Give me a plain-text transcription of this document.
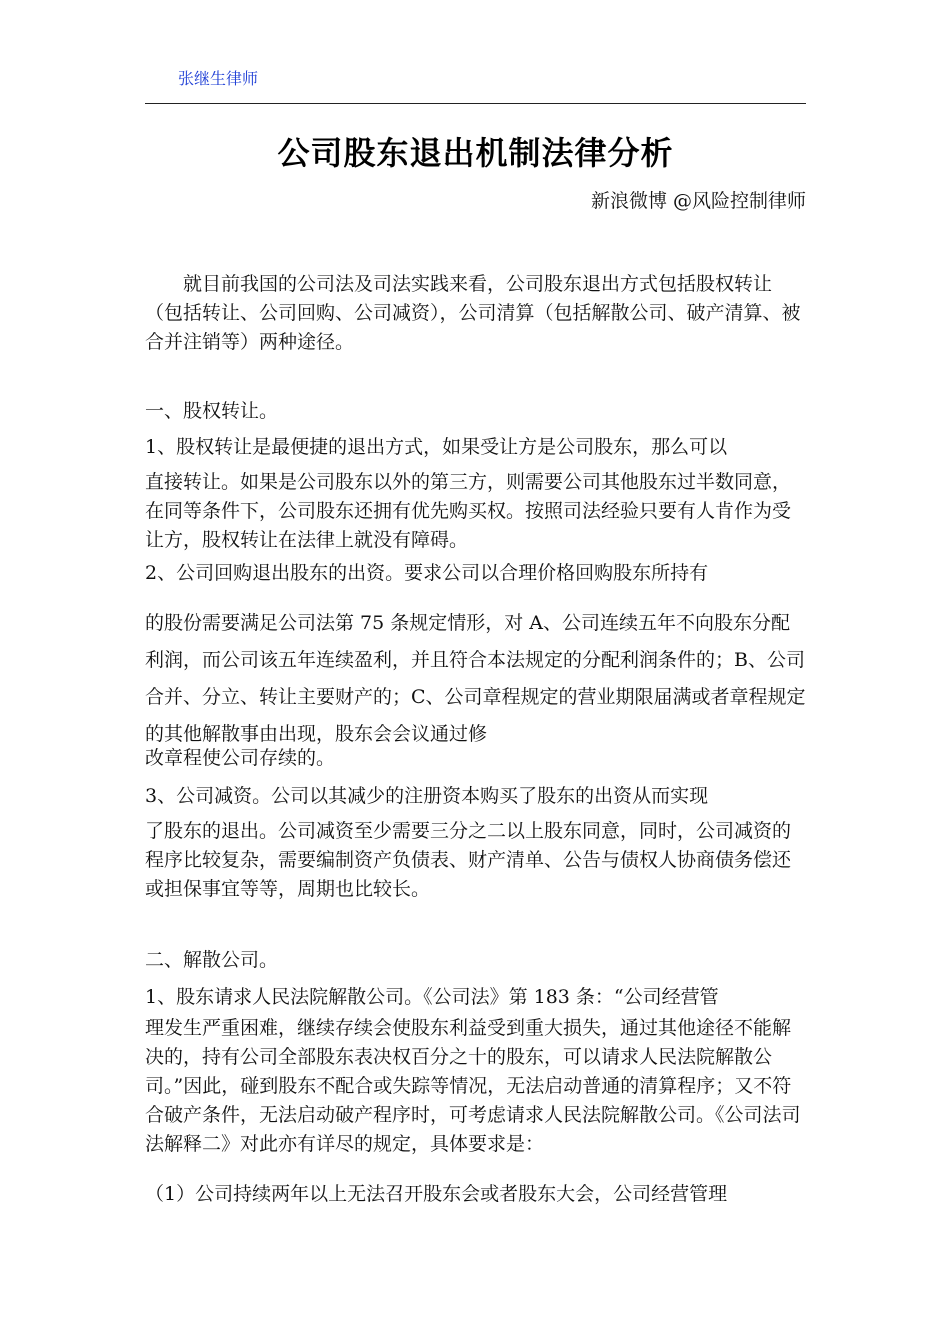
张继生律师
公司股东退出机制法律分析
新浪微博 @风险控制律师
就目前我国的公司法及司法实践来看，公司股东退出方式包括股权转让（包括转让、公司回购、公司减资），公司清算（包括解散公司、破产清算、被合并注销等）两种途径。
一、股权转让。
1、股权转让是最便捷的退出方式，如果受让方是公司股东，那么可以
直接转让。如果是公司股东以外的第三方，则需要公司其他股东过半数同意，在同等条件下，公司股东还拥有优先购买权。按照司法经验只要有人肯作为受让方，股权转让在法律上就没有障碍。
2、公司回购退出股东的出资。要求公司以合理价格回购股东所持有
的股份需要满足公司法第 75 条规定情形，对 A、公司连续五年不向股东分配利润，而公司该五年连续盈利，并且符合本法规定的分配利润条件的；B、公司合并、分立、转让主要财产的；C、公司章程规定的营业期限届满或者章程规定的其他解散事由出现，股东会会议通过修
改章程使公司存续的。
3、公司减资。公司以其减少的注册资本购买了股东的出资从而实现
了股东的退出。公司减资至少需要三分之二以上股东同意，同时，公司减资的程序比较复杂，需要编制资产负债表、财产清单、公告与债权人协商债务偿还或担保事宜等等，周期也比较长。
二、解散公司。
1、股东请求人民法院解散公司。《公司法》第 183 条：“公司经营管
理发生严重困难，继续存续会使股东利益受到重大损失，通过其他途径不能解决的，持有公司全部股东表决权百分之十的股东，可以请求人民法院解散公司。”因此，碰到股东不配合或失踪等情况，无法启动普通的清算程序；又不符合破产条件，无法启动破产程序时，可考虑请求人民法院解散公司。《公司法司法解释二》对此亦有详尽的规定，具体要求是：
（1）公司持续两年以上无法召开股东会或者股东大会，公司经营管理
